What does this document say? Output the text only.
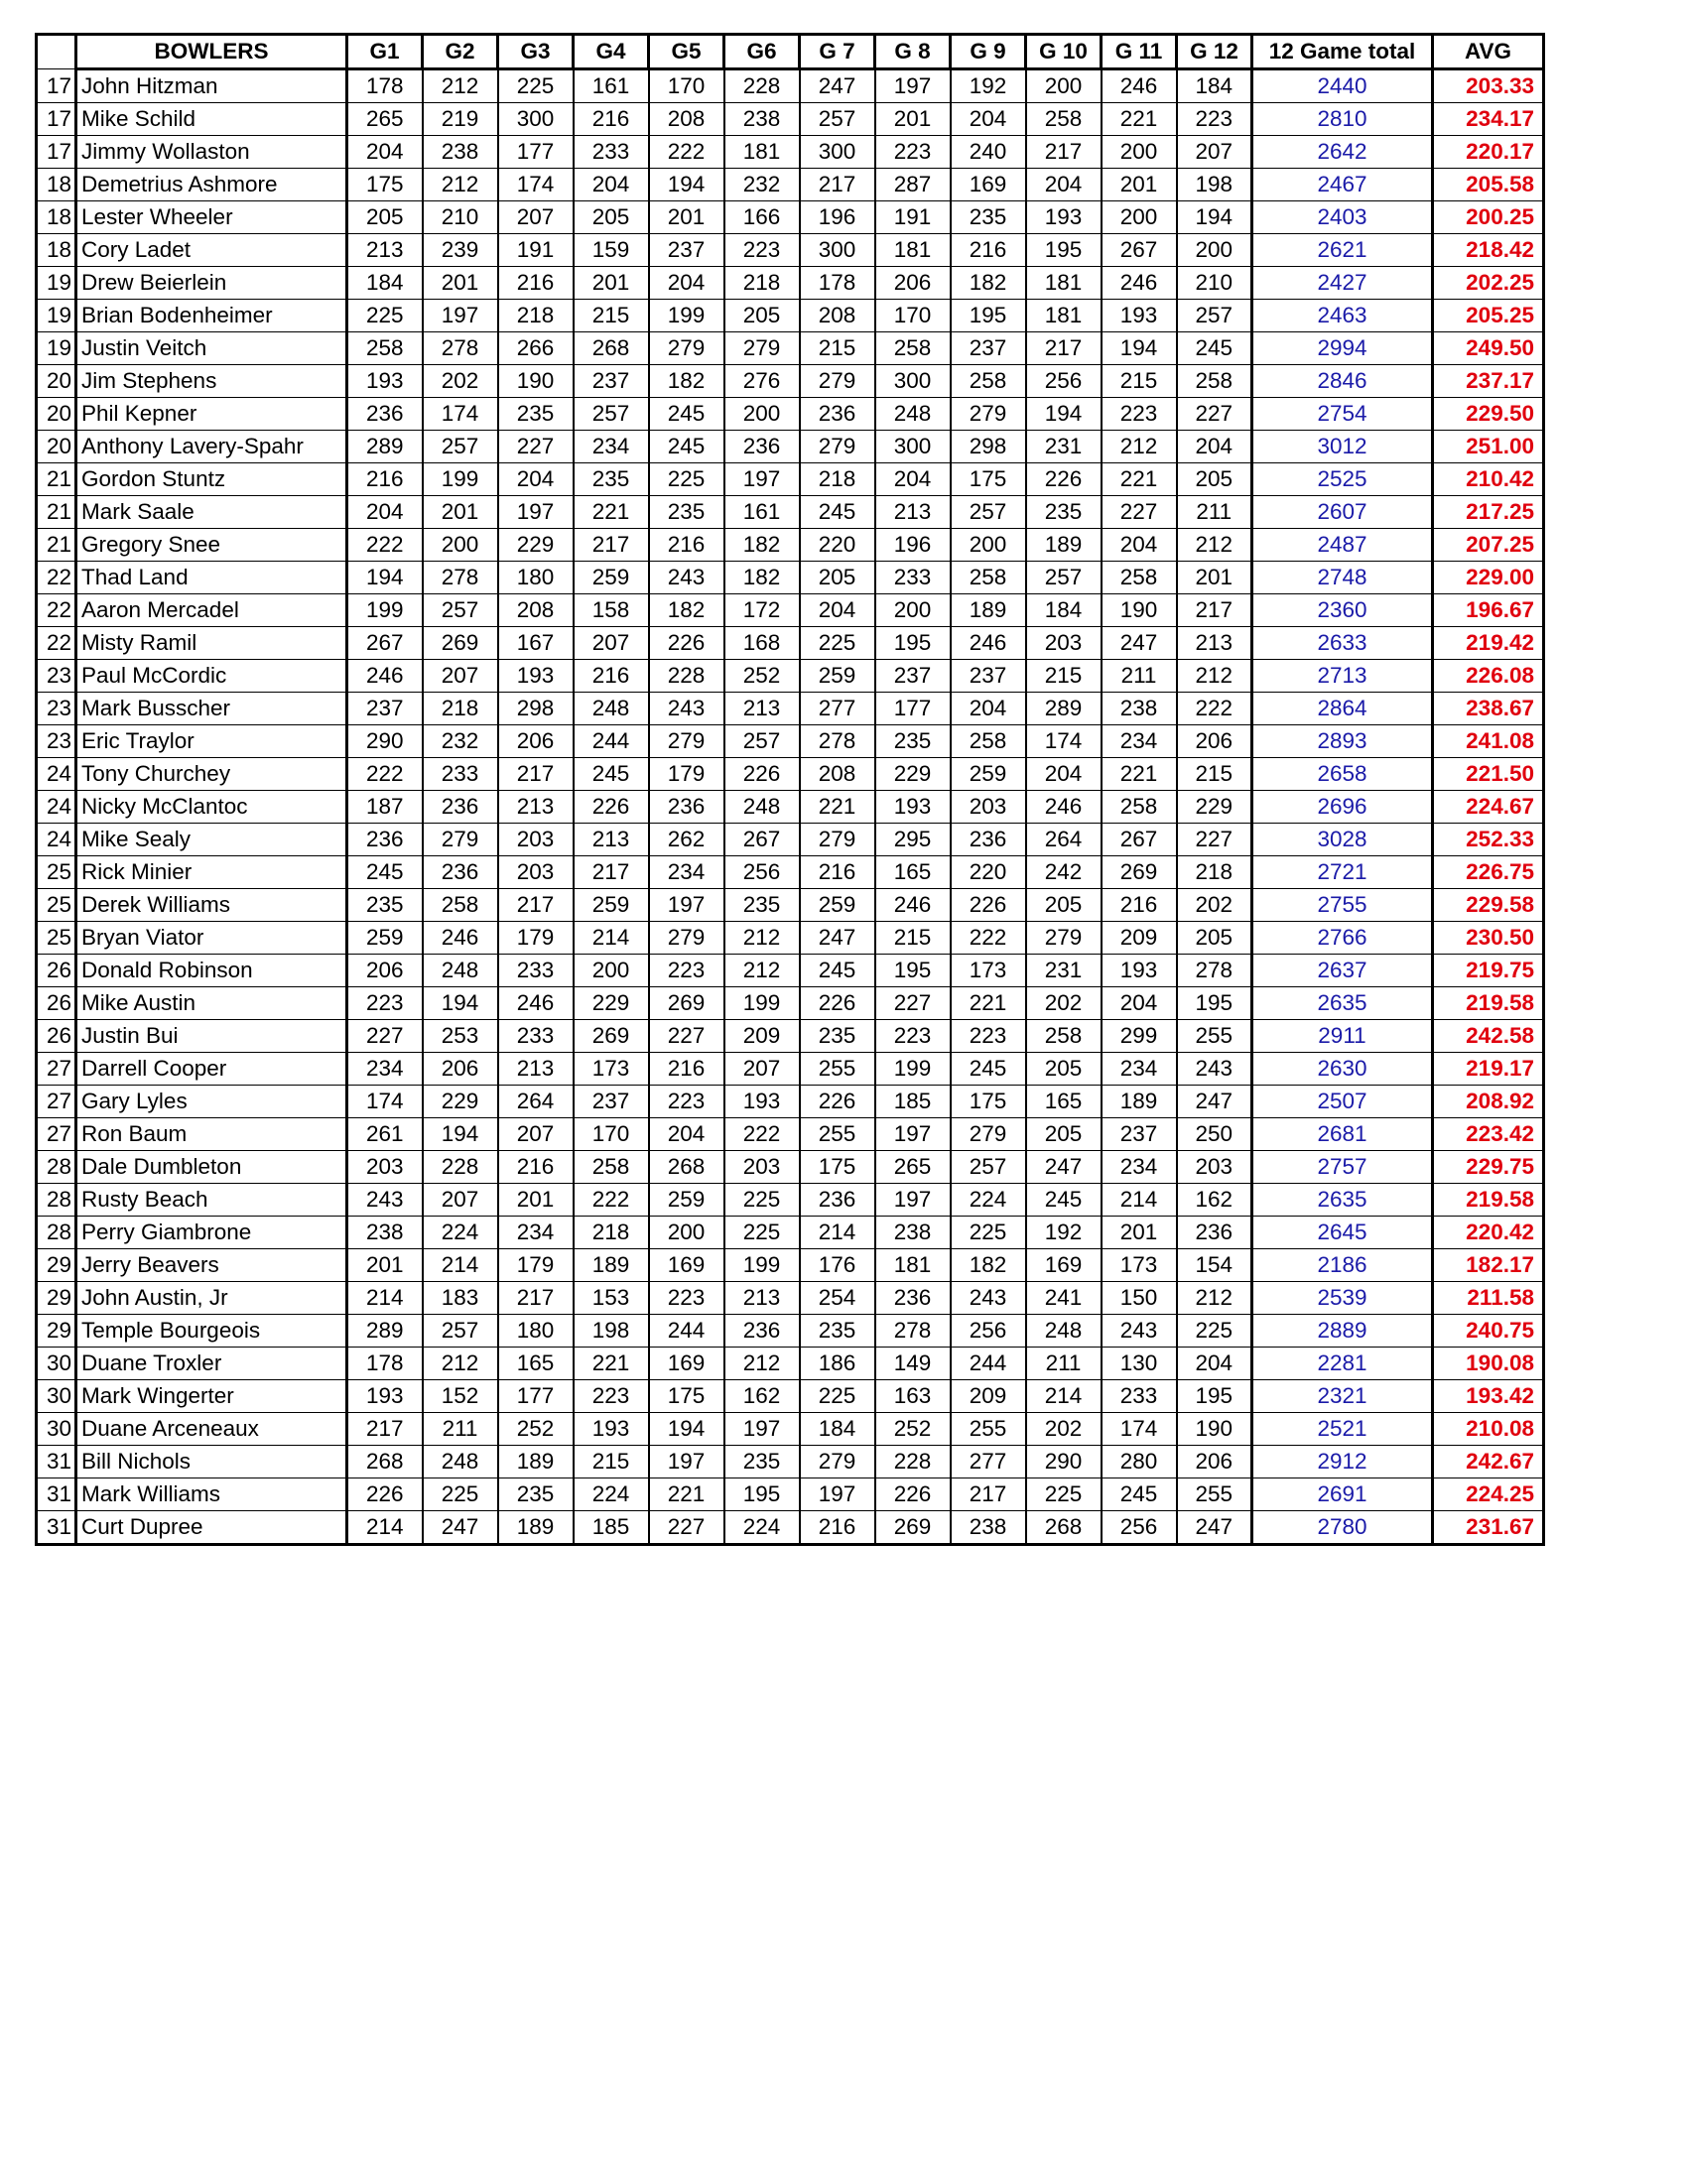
	BOWLERS	G1	G2	G3	G4	G5	G6	G 7	G 8	G 9	G 10	G 11	G 12	12 Game total	AVG
17	John Hitzman	178	212	225	161	170	228	247	197	192	200	246	184	2440	203.33
17	Mike Schild	265	219	300	216	208	238	257	201	204	258	221	223	2810	234.17
17	Jimmy Wollaston	204	238	177	233	222	181	300	223	240	217	200	207	2642	220.17
18	Demetrius Ashmore	175	212	174	204	194	232	217	287	169	204	201	198	2467	205.58
18	Lester Wheeler	205	210	207	205	201	166	196	191	235	193	200	194	2403	200.25
18	Cory Ladet	213	239	191	159	237	223	300	181	216	195	267	200	2621	218.42
19	Drew Beierlein	184	201	216	201	204	218	178	206	182	181	246	210	2427	202.25
19	Brian Bodenheimer	225	197	218	215	199	205	208	170	195	181	193	257	2463	205.25
19	Justin Veitch	258	278	266	268	279	279	215	258	237	217	194	245	2994	249.50
20	Jim Stephens	193	202	190	237	182	276	279	300	258	256	215	258	2846	237.17
20	Phil Kepner	236	174	235	257	245	200	236	248	279	194	223	227	2754	229.50
20	Anthony Lavery-Spahr	289	257	227	234	245	236	279	300	298	231	212	204	3012	251.00
21	Gordon Stuntz	216	199	204	235	225	197	218	204	175	226	221	205	2525	210.42
21	Mark Saale	204	201	197	221	235	161	245	213	257	235	227	211	2607	217.25
21	Gregory Snee	222	200	229	217	216	182	220	196	200	189	204	212	2487	207.25
22	Thad Land	194	278	180	259	243	182	205	233	258	257	258	201	2748	229.00
22	Aaron Mercadel	199	257	208	158	182	172	204	200	189	184	190	217	2360	196.67
22	Misty Ramil	267	269	167	207	226	168	225	195	246	203	247	213	2633	219.42
23	Paul McCordic	246	207	193	216	228	252	259	237	237	215	211	212	2713	226.08
23	Mark Busscher	237	218	298	248	243	213	277	177	204	289	238	222	2864	238.67
23	Eric Traylor	290	232	206	244	279	257	278	235	258	174	234	206	2893	241.08
24	Tony Churchey	222	233	217	245	179	226	208	229	259	204	221	215	2658	221.50
24	Nicky McClantoc	187	236	213	226	236	248	221	193	203	246	258	229	2696	224.67
24	Mike Sealy	236	279	203	213	262	267	279	295	236	264	267	227	3028	252.33
25	Rick Minier	245	236	203	217	234	256	216	165	220	242	269	218	2721	226.75
25	Derek Williams	235	258	217	259	197	235	259	246	226	205	216	202	2755	229.58
25	Bryan Viator	259	246	179	214	279	212	247	215	222	279	209	205	2766	230.50
26	Donald Robinson	206	248	233	200	223	212	245	195	173	231	193	278	2637	219.75
26	Mike Austin	223	194	246	229	269	199	226	227	221	202	204	195	2635	219.58
26	Justin Bui	227	253	233	269	227	209	235	223	223	258	299	255	2911	242.58
27	Darrell Cooper	234	206	213	173	216	207	255	199	245	205	234	243	2630	219.17
27	Gary Lyles	174	229	264	237	223	193	226	185	175	165	189	247	2507	208.92
27	Ron Baum	261	194	207	170	204	222	255	197	279	205	237	250	2681	223.42
28	Dale Dumbleton	203	228	216	258	268	203	175	265	257	247	234	203	2757	229.75
28	Rusty Beach	243	207	201	222	259	225	236	197	224	245	214	162	2635	219.58
28	Perry Giambrone	238	224	234	218	200	225	214	238	225	192	201	236	2645	220.42
29	Jerry Beavers	201	214	179	189	169	199	176	181	182	169	173	154	2186	182.17
29	John Austin, Jr	214	183	217	153	223	213	254	236	243	241	150	212	2539	211.58
29	Temple Bourgeois	289	257	180	198	244	236	235	278	256	248	243	225	2889	240.75
30	Duane Troxler	178	212	165	221	169	212	186	149	244	211	130	204	2281	190.08
30	Mark Wingerter	193	152	177	223	175	162	225	163	209	214	233	195	2321	193.42
30	Duane Arceneaux	217	211	252	193	194	197	184	252	255	202	174	190	2521	210.08
31	Bill Nichols	268	248	189	215	197	235	279	228	277	290	280	206	2912	242.67
31	Mark Williams	226	225	235	224	221	195	197	226	217	225	245	255	2691	224.25
31	Curt Dupree	214	247	189	185	227	224	216	269	238	268	256	247	2780	231.67
